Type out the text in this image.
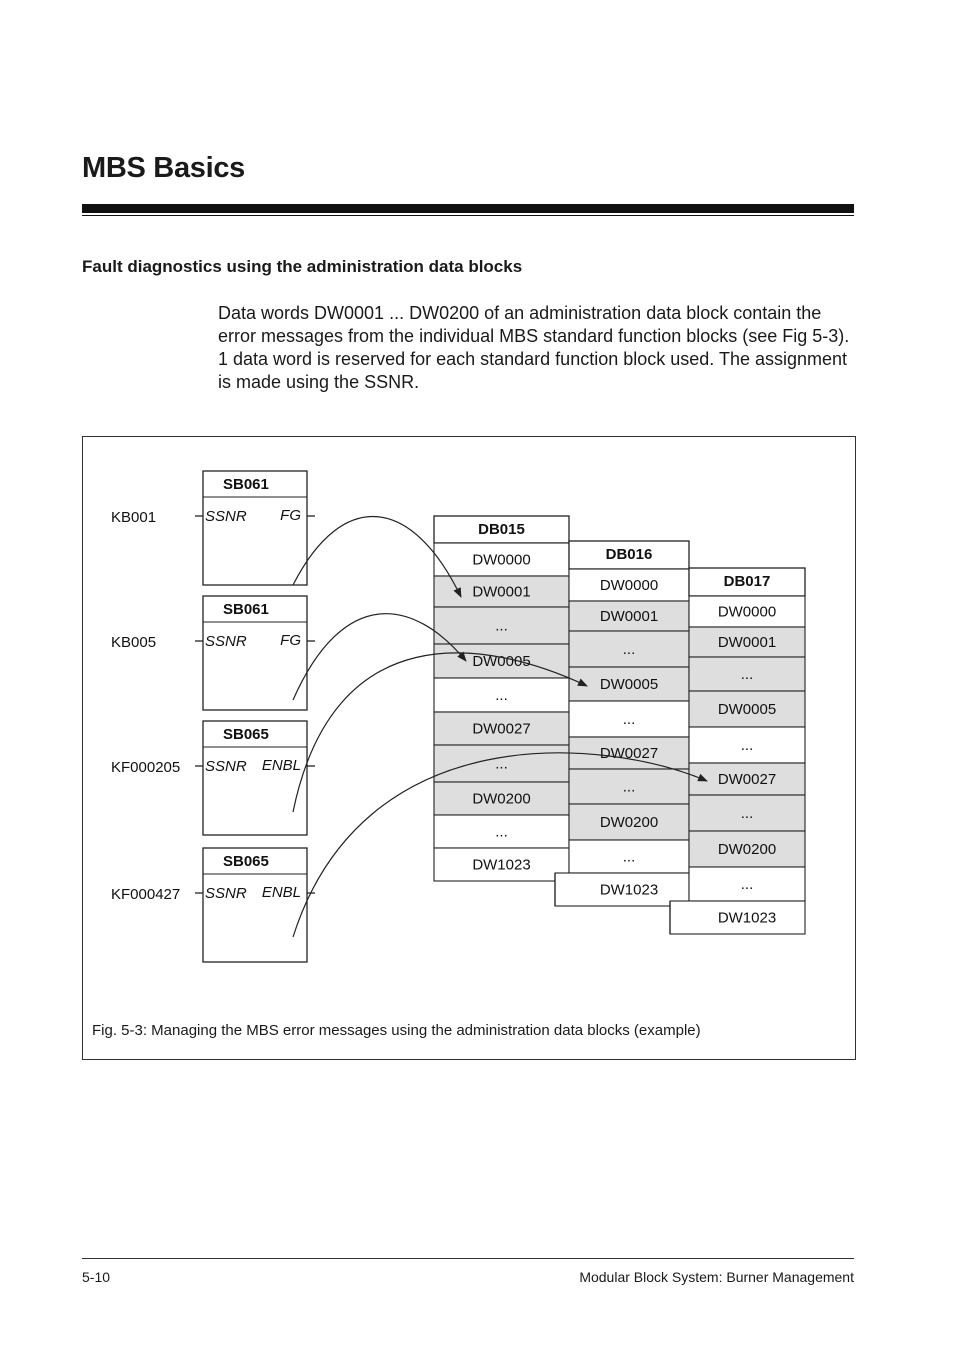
MBS Basics
Fault diagnostics using the administration data blocks

Data words DW0001 ... DW0200 of an administration data block contain the error messages from the individual MBS standard function blocks (see Fig 5-3). 1 data word is reserved for each standard function block used. The assignment is made using the SSNR.

SB061
SSNR FG
KB001
SB061
SSNR FG
KB005
SB065
SSNR ENBL
KF000205
SB065
SSNR ENBL
KF000427
DB015
DW0000
DW0001
...
DW0005
...
DW0027
...
DW0200
...
DW1023
DB016
DW0000
DW0001
...
DW0005
...
DW0027
...
DW0200
...
DW1023
DB017
DW0000
DW0001
...
DW0005
...
DW0027
...
DW0200
...
DW1023
Fig. 5-3: Managing the MBS error messages using the administration data blocks (example)
5-10	Modular Block System: Burner Management
